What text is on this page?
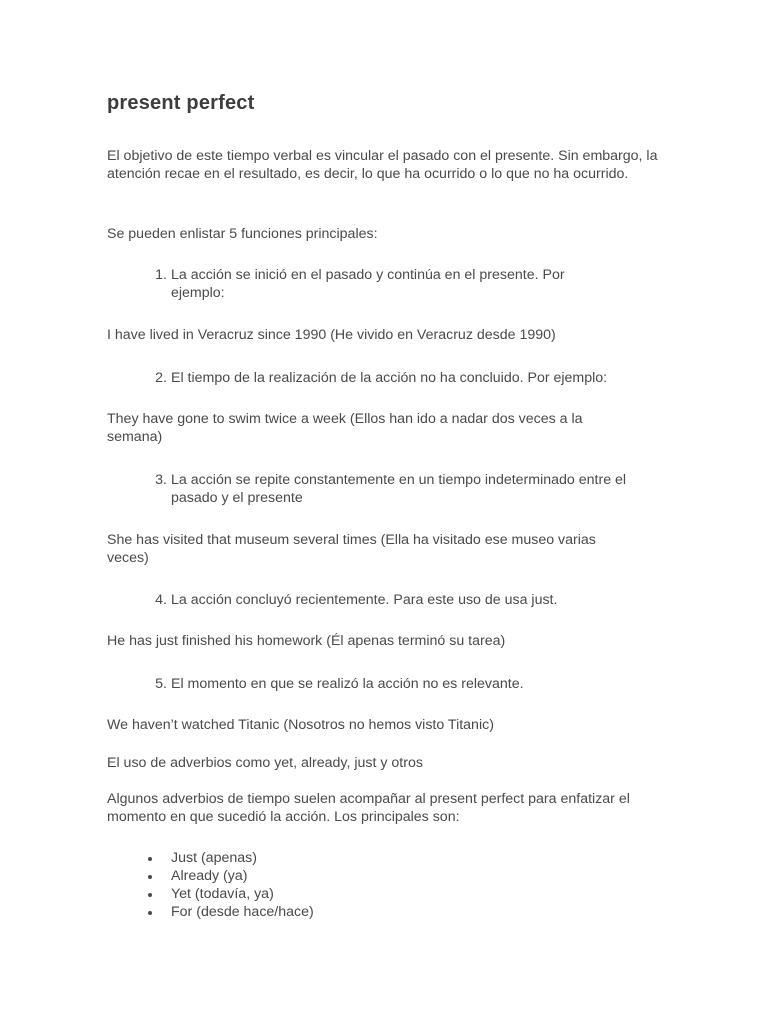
present perfect

El objetivo de este tiempo verbal es vincular el pasado con el presente. Sin embargo, la atención recae en el resultado, es decir, lo que ha ocurrido o lo que no ha ocurrido.

Se pueden enlistar 5 funciones principales:

1. La acción se inició en el pasado y continúa en el presente. Por ejemplo:

I have lived in Veracruz since 1990 (He vivido en Veracruz desde 1990)

2. El tiempo de la realización de la acción no ha concluido. Por ejemplo:

They have gone to swim twice a week (Ellos han ido a nadar dos veces a la semana)

3. La acción se repite constantemente en un tiempo indeterminado entre el pasado y el presente

She has visited that museum several times (Ella ha visitado ese museo varias veces)

4. La acción concluyó recientemente. Para este uso de usa just.

He has just finished his homework (Él apenas terminó su tarea)

5. El momento en que se realizó la acción no es relevante.

We haven’t watched Titanic (Nosotros no hemos visto Titanic)

El uso de adverbios como yet, already, just y otros

Algunos adverbios de tiempo suelen acompañar al present perfect para enfatizar el momento en que sucedió la acción. Los principales son:

Just (apenas)
Already (ya)
Yet (todavía, ya)
For (desde hace/hace)
